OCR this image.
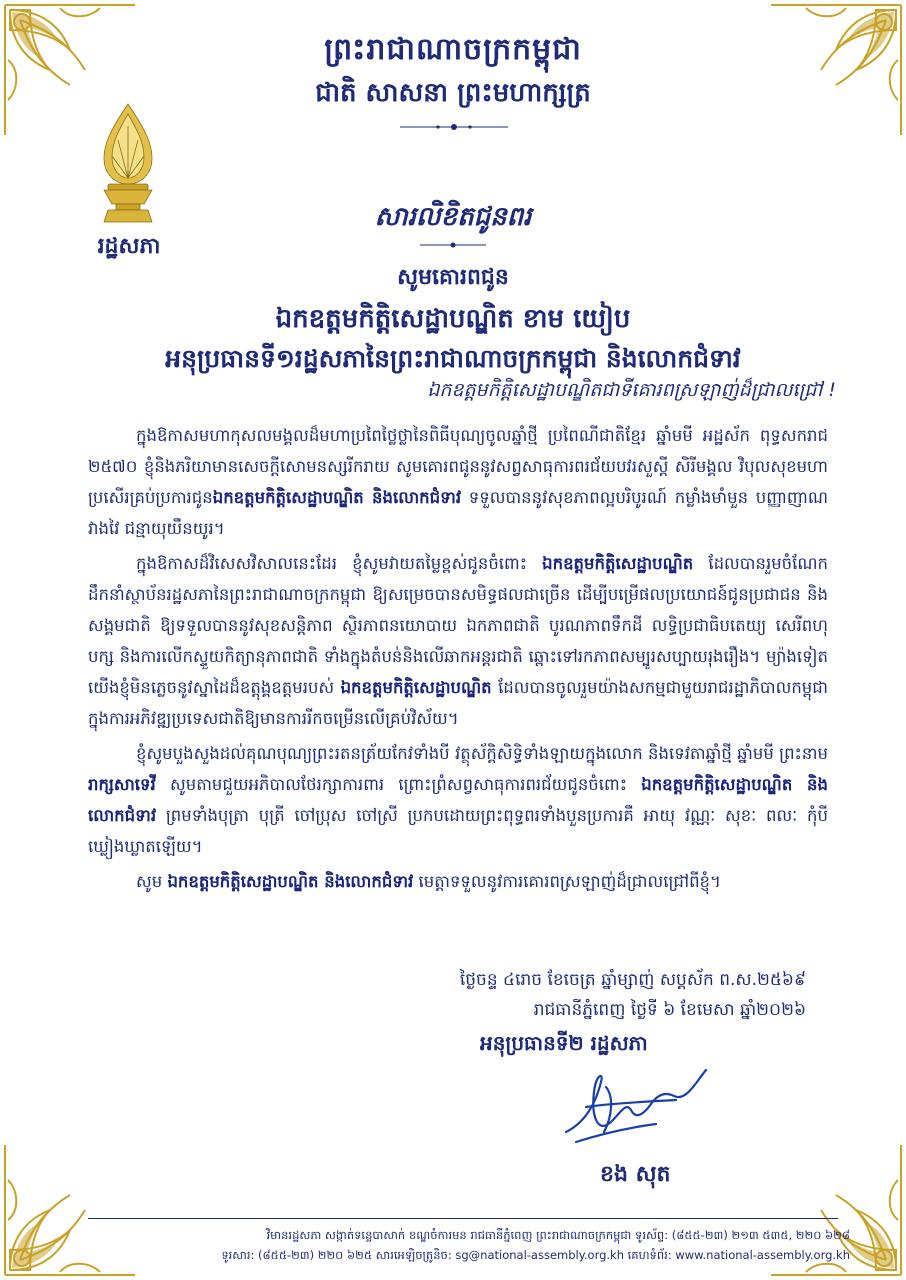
រដ្ឋសភា
ព្រះរាជាណាចក្រកម្ពុជា
ជាតិ សាសនា ព្រះមហាក្សត្រ
សារលិខិតជូនពរ
សូមគោរពជូន
ឯកឧត្តមកិត្តិសេដ្ឋាបណ្ឌិត ខាម យៀប
អនុប្រធានទី១រដ្ឋសភានៃព្រះរាជាណាចក្រកម្ពុជា និងលោកជំទាវ
ឯកឧត្តមកិត្តិសេដ្ឋាបណ្ឌិតជាទីគោរពស្រឡាញ់ដ៏ជ្រាលជ្រៅ !

ក្នុងឱកាសមហាកុសលមង្គលដ៏មហាប្រពៃថ្លៃថ្លានៃពិធីបុណ្យចូលឆ្នាំថ្មី ប្រពៃណីជាតិខ្មែរ ឆ្នាំមមី អដ្ឋស័ក ពុទ្ធសករាជ ២៥៧០ ខ្ញុំនិងភរិយាមានសេចក្តីសោមនស្សរីករាយ សូមគោរពជូននូវសព្វសាធុការពរជ័យបវរសួស្តី សិរីមង្គល វិបុលសុខមហាប្រសើរគ្រប់ប្រការជូនឯកឧត្តមកិត្តិសេដ្ឋាបណ្ឌិត និងលោកជំទាវ ទទួលបាននូវសុខភាពល្អបរិបូរណ៍ កម្លាំងមាំមួន បញ្ញាញាណវាងវៃ ជន្មាយុយឺនយូរ។

ក្នុងឱកាសដ៏វិសេសវិសាលនេះដែរ ខ្ញុំសូមវាយតម្លៃខ្ពស់ជូនចំពោះ ឯកឧត្តមកិត្តិសេដ្ឋាបណ្ឌិត ដែលបានរួមចំណែកដឹកនាំស្ថាប័នរដ្ឋសភានៃព្រះរាជាណាចក្រកម្ពុជា ឱ្យសម្រេចបានសមិទ្ធផលជាច្រើន ដើម្បីបម្រើផលប្រយោជន៍ជូនប្រជាជន និងសង្គមជាតិ ឱ្យទទួលបាននូវសុខសន្តិភាព ស្ថិរភាពនយោបាយ ឯកភាពជាតិ បូរណភាពទឹកដី លទ្ធិប្រជាធិបតេយ្យ សេរីពហុបក្ស និងការលើកស្ទួយកិត្យានុភាពជាតិ ទាំងក្នុងតំបន់និងលើឆាកអន្តរជាតិ ឆ្ពោះទៅរកភាពសម្បូរសប្បាយរុងរឿង។ ម្យ៉ាងទៀត យើងខ្ញុំមិនភ្លេចនូវស្នាដៃដ៏ឧត្តុង្គឧត្តមរបស់ ឯកឧត្តមកិត្តិសេដ្ឋាបណ្ឌិត ដែលបានចូលរួមយ៉ាងសកម្មជាមួយរាជរដ្ឋាភិបាលកម្ពុជា ក្នុងការអភិវឌ្ឍប្រទេសជាតិឱ្យមានការរីកចម្រើនលើគ្រប់វិស័យ។

ខ្ញុំសូមបួងសួងដល់គុណបុណ្យព្រះរតនត្រ័យកែវទាំងបី វត្ថុស័ក្តិសិទ្ធិទាំងឡាយក្នុងលោក និងទេវតាឆ្នាំថ្មី ឆ្នាំមមី ព្រះនាម រាក្សសាទេវី សូមតាមជួយអភិបាលថែរក្សាការពារ ព្រោះព្រំសព្វសាធុការពរជ័យជូនចំពោះ ឯកឧត្តមកិត្តិសេដ្ឋាបណ្ឌិត និងលោកជំទាវ ព្រមទាំងបុត្រា បុត្រី ចៅប្រុស ចៅស្រី ប្រកបដោយព្រះពុទ្ធពរទាំងបួនប្រការគឺ អាយុ វណ្ណៈ សុខៈ ពលៈ កុំបីឃ្លៀងឃ្លាតឡើយ។

សូម ឯកឧត្តមកិត្តិសេដ្ឋាបណ្ឌិត និងលោកជំទាវ មេត្តាទទួលនូវការគោរពស្រឡាញ់ដ៏ជ្រាលជ្រៅពីខ្ញុំ។

ថ្ងៃចន្ទ ៤រោច ខែចេត្រ ឆ្នាំម្សាញ់ សប្តស័ក ព.ស.២៥៦៩
រាជធានីភ្នំពេញ ថ្ងៃទី ៦ ខែមេសា ឆ្នាំ២០២៦
អនុប្រធានទី២ រដ្ឋសភា
ខង សុត
វិមានរដ្ឋសភា សង្កាត់ទន្លេបាសាក់ ខណ្ឌចំការមន រាជធានីភ្នំពេញ ព្រះរាជាណាចក្រកម្ពុជា ទូរស័ព្ទ: (៨៥៥-២៣) ២១៣ ៥៣៥, ២២០ ៦២៨
ទូរសារ: (៨៥៥-២៣) ២២០ ៦២៥ សារអេឡិចត្រូនិច: sg@national-assembly.org.kh គេហទំព័រ: www.national-assembly.org.kh
